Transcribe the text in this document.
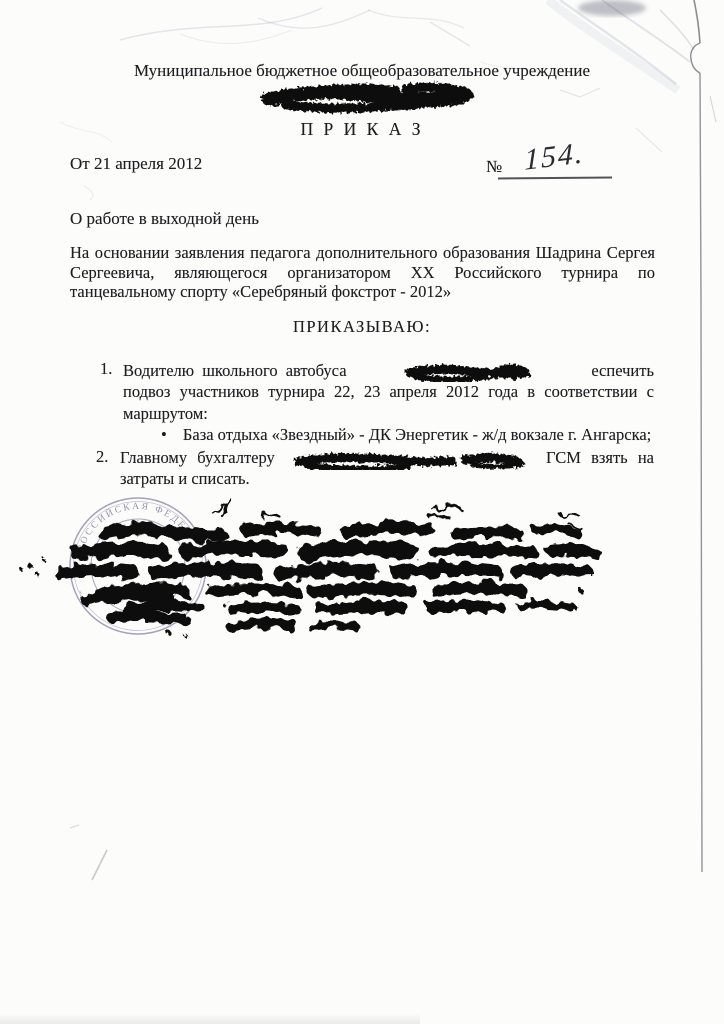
Муниципальное бюджетное общеобразовательное учреждение
П Р И К А З
От 21 апреля 2012	№ 154.
О работе в выходной день
На основании заявления педагога дополнительного образования Шадрина Сергея
Сергеевича, являющегося организатором ХХ Российского турнира по
танцевальному спорту «Серебряный фокстрот - 2012»
ПРИКАЗЫВАЮ:
1. Водителю школьного автобуса	еспечить
подвоз участников турнира 22, 23 апреля 2012 года в соответствии с
маршрутом:
• База отдыха «Звездный» - ДК Энергетик - ж/д вокзале г. Ангарска;
2. Главному бухгалтеру	ГСМ взять на
затраты и списать.
РОССИЙСКАЯ ФЕДЕ
джетное общеобр
